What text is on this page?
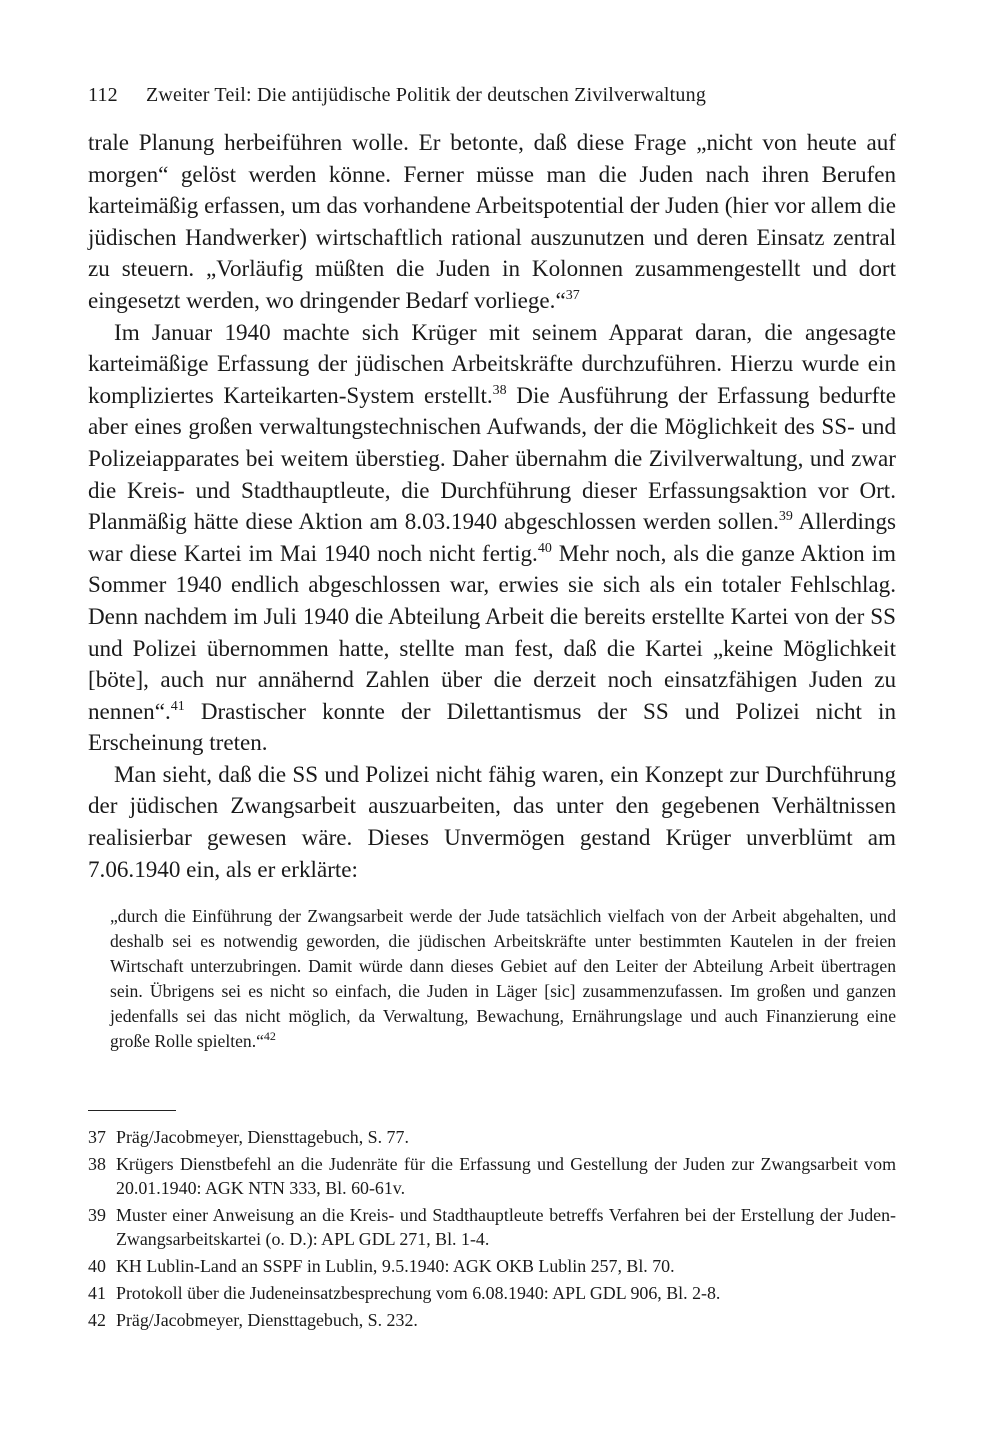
112	Zweiter Teil: Die antijüdische Politik der deutschen Zivilverwaltung

trale Planung herbeiführen wolle. Er betonte, daß diese Frage „nicht von heute auf morgen“ gelöst werden könne. Ferner müsse man die Juden nach ihren Berufen karteimäßig erfassen, um das vorhandene Arbeitspotential der Juden (hier vor allem die jüdischen Handwerker) wirtschaftlich rational auszunutzen und deren Einsatz zentral zu steuern. „Vorläufig müßten die Juden in Kolonnen zusammengestellt und dort eingesetzt werden, wo dringender Bedarf vorliege.“$^{37}$

Im Januar 1940 machte sich Krüger mit seinem Apparat daran, die angesagte karteimäßige Erfassung der jüdischen Arbeitskräfte durchzuführen. Hierzu wurde ein kompliziertes Karteikarten-System erstellt.$^{38}$ Die Ausführung der Erfassung bedurfte aber eines großen verwaltungstechnischen Aufwands, der die Möglichkeit des SS- und Polizeiapparates bei weitem überstieg. Daher übernahm die Zivilverwaltung, und zwar die Kreis- und Stadthauptleute, die Durchführung dieser Erfassungsaktion vor Ort. Planmäßig hätte diese Aktion am 8.03.1940 abgeschlossen werden sollen.$^{39}$ Allerdings war diese Kartei im Mai 1940 noch nicht fertig.$^{40}$ Mehr noch, als die ganze Aktion im Sommer 1940 endlich abgeschlossen war, erwies sie sich als ein totaler Fehlschlag. Denn nachdem im Juli 1940 die Abteilung Arbeit die bereits erstellte Kartei von der SS und Polizei übernommen hatte, stellte man fest, daß die Kartei „keine Möglichkeit [böte], auch nur annähernd Zahlen über die derzeit noch einsatzfähigen Juden zu nennen“.$^{41}$ Drastischer konnte der Dilettantismus der SS und Polizei nicht in Erscheinung treten.

Man sieht, daß die SS und Polizei nicht fähig waren, ein Konzept zur Durchführung der jüdischen Zwangsarbeit auszuarbeiten, das unter den gegebenen Verhältnissen realisierbar gewesen wäre. Dieses Unvermögen gestand Krüger unverblümt am 7.06.1940 ein, als er erklärte:

„durch die Einführung der Zwangsarbeit werde der Jude tatsächlich vielfach von der Arbeit abgehalten, und deshalb sei es notwendig geworden, die jüdischen Arbeitskräfte unter bestimmten Kautelen in der freien Wirtschaft unterzubringen. Damit würde dann dieses Gebiet auf den Leiter der Abteilung Arbeit übertragen sein. Übrigens sei es nicht so einfach, die Juden in Läger [sic] zusammenzufassen. Im großen und ganzen jedenfalls sei das nicht möglich, da Verwaltung, Bewachung, Ernährungslage und auch Finanzierung eine große Rolle spielten.“$^{42}$
37 Präg/Jacobmeyer, Diensttagebuch, S. 77.
38 Krügers Dienstbefehl an die Judenräte für die Erfassung und Gestellung der Juden zur Zwangsarbeit vom 20.01.1940: AGK NTN 333, Bl. 60-61v.
39 Muster einer Anweisung an die Kreis- und Stadthauptleute betreffs Verfahren bei der Erstellung der Juden-Zwangsarbeitskartei (o. D.): APL GDL 271, Bl. 1-4.
40 KH Lublin-Land an SSPF in Lublin, 9.5.1940: AGK OKB Lublin 257, Bl. 70.
41 Protokoll über die Judeneinsatzbesprechung vom 6.08.1940: APL GDL 906, Bl. 2-8.
42 Präg/Jacobmeyer, Diensttagebuch, S. 232.
